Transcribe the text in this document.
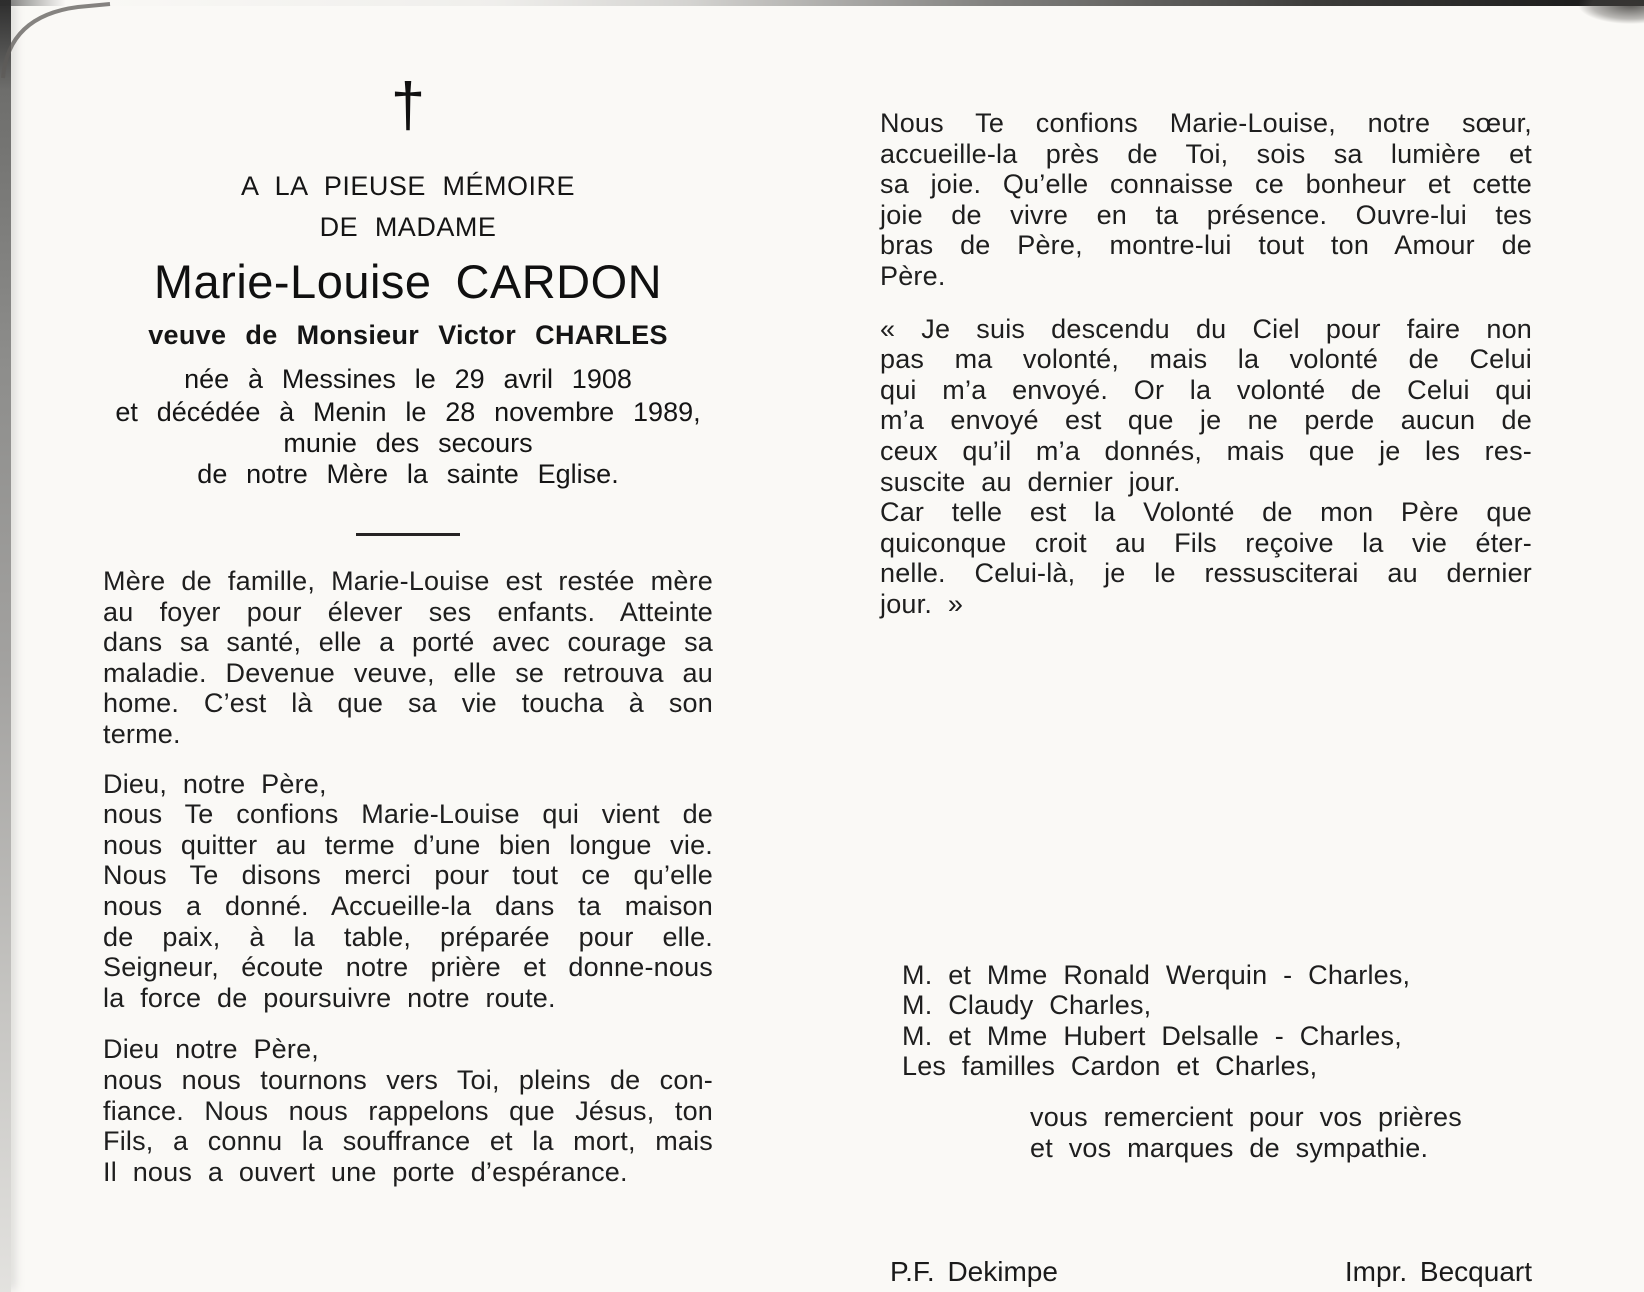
†
A LA PIEUSE MÉMOIRE
DE MADAME
Marie-Louise CARDON
veuve de Monsieur Victor CHARLES
née à Messines le 29 avril 1908
et décédée à Menin le 28 novembre 1989,
munie des secours
de notre Mère la sainte Eglise.
Mère de famille, Marie-Louise est restée mère
au foyer pour élever ses enfants. Atteinte
dans sa santé, elle a porté avec courage sa
maladie. Devenue veuve, elle se retrouva au
home. C’est là que sa vie toucha à son
terme.
Dieu, notre Père,
nous Te confions Marie-Louise qui vient de
nous quitter au terme d’une bien longue vie.
Nous Te disons merci pour tout ce qu’elle
nous a donné. Accueille-la dans ta maison
de paix, à la table, préparée pour elle.
Seigneur, écoute notre prière et donne-nous
la force de poursuivre notre route.
Dieu notre Père,
nous nous tournons vers Toi, pleins de con-
fiance. Nous nous rappelons que Jésus, ton
Fils, a connu la souffrance et la mort, mais
Il nous a ouvert une porte d’espérance.
Nous Te confions Marie-Louise, notre sœur,
accueille-la près de Toi, sois sa lumière et
sa joie. Qu’elle connaisse ce bonheur et cette
joie de vivre en ta présence. Ouvre-lui tes
bras de Père, montre-lui tout ton Amour de
Père.
« Je suis descendu du Ciel pour faire non
pas ma volonté, mais la volonté de Celui
qui m’a envoyé. Or la volonté de Celui qui
m’a envoyé est que je ne perde aucun de
ceux qu’il m’a donnés, mais que je les res-
suscite au dernier jour.
Car telle est la Volonté de mon Père que
quiconque croit au Fils reçoive la vie éter-
nelle. Celui-là, je le ressusciterai au dernier
jour. »
M. et Mme Ronald Werquin - Charles,
M. Claudy Charles,
M. et Mme Hubert Delsalle - Charles,
Les familles Cardon et Charles,
vous remercient pour vos prières
et vos marques de sympathie.
P.F. Dekimpe	Impr. Becquart
